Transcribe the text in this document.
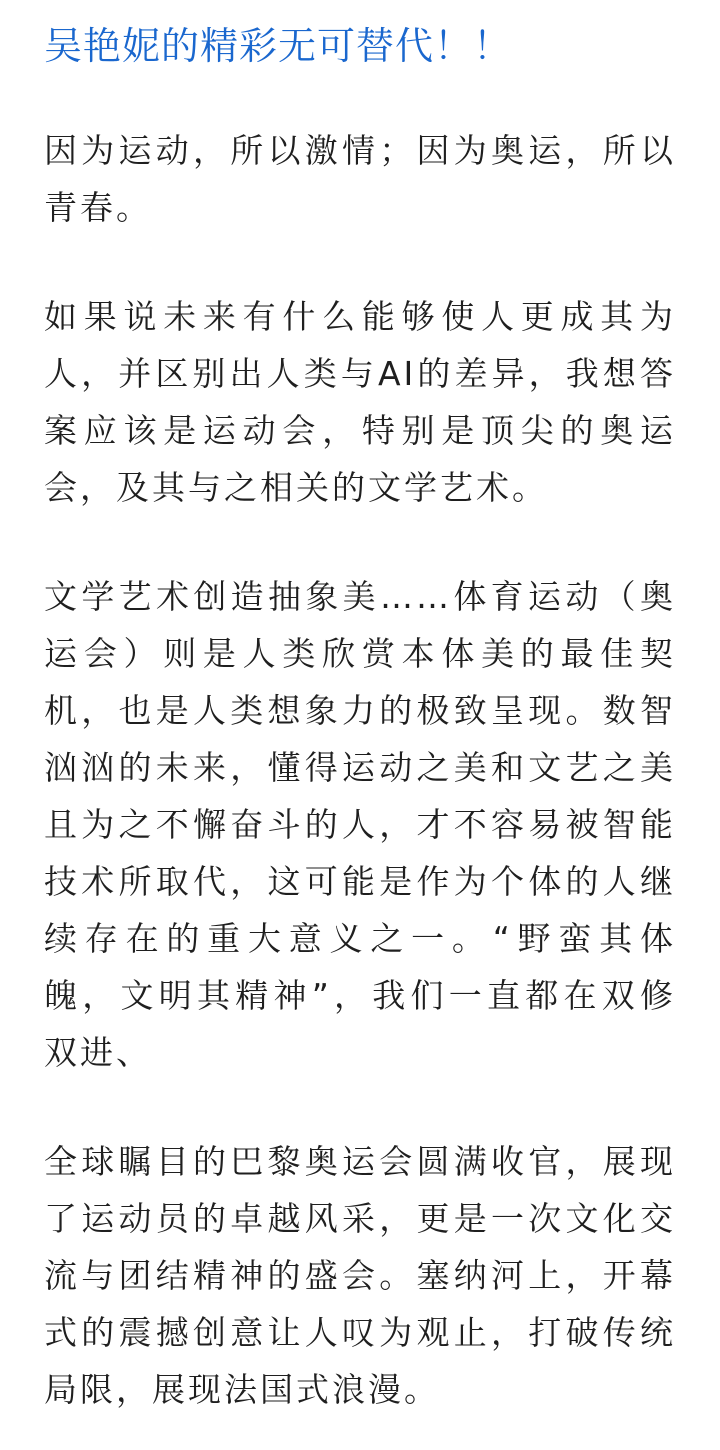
吴艳妮的精彩无可替代！！

因为运动，所以激情；因为奥运，所以青春。

如果说未来有什么能够使人更成其为人，并区别出人类与AI的差异，我想答案应该是运动会，特别是顶尖的奥运会，及其与之相关的文学艺术。

文学艺术创造抽象美……体育运动（奥运会）则是人类欣赏本体美的最佳契机，也是人类想象力的极致呈现。数智汹汹的未来，懂得运动之美和文艺之美且为之不懈奋斗的人，才不容易被智能技术所取代，这可能是作为个体的人继续存在的重大意义之一。“野蛮其体魄，文明其精神”，我们一直都在双修双进、

全球瞩目的巴黎奥运会圆满收官，展现了运动员的卓越风采，更是一次文化交流与团结精神的盛会。塞纳河上，开幕式的震撼创意让人叹为观止，打破传统局限，展现法国式浪漫。
